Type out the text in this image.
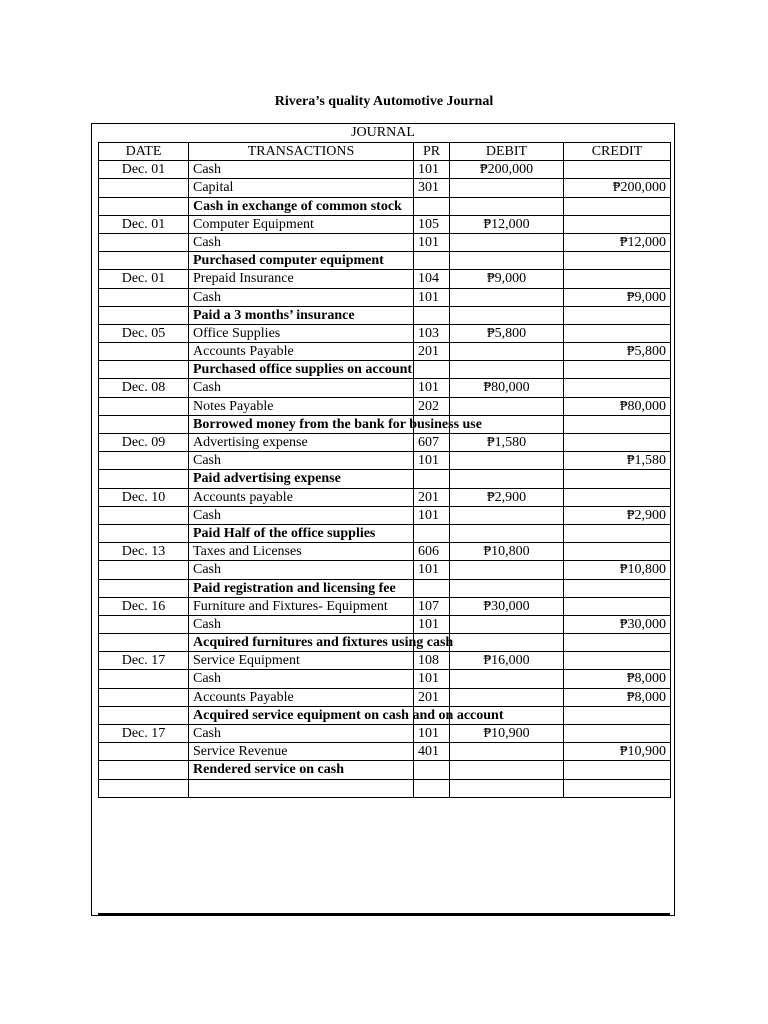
Rivera’s quality Automotive Journal
JOURNAL
DATE	TRANSACTIONS	PR	DEBIT	CREDIT
Dec. 01	Cash	101	₱200,000	
	Capital	301		₱200,000
	Cash in exchange of common stock			
Dec. 01	Computer Equipment	105	₱12,000	
	Cash	101		₱12,000
	Purchased computer equipment			
Dec. 01	Prepaid Insurance	104	₱9,000	
	Cash	101		₱9,000
	Paid a 3 months’ insurance			
Dec. 05	Office Supplies	103	₱5,800	
	Accounts Payable	201		₱5,800
	Purchased office supplies on account			
Dec. 08	Cash	101	₱80,000	
	Notes Payable	202		₱80,000
	Borrowed money from the bank for business use			
Dec. 09	Advertising expense	607	₱1,580	
	Cash	101		₱1,580
	Paid advertising expense			
Dec. 10	Accounts payable	201	₱2,900	
	Cash	101		₱2,900
	Paid Half of the office supplies			
Dec. 13	Taxes and Licenses	606	₱10,800	
	Cash	101		₱10,800
	Paid registration and licensing fee			
Dec. 16	Furniture and Fixtures- Equipment	107	₱30,000	
	Cash	101		₱30,000
	Acquired furnitures and fixtures using cash			
Dec. 17	Service Equipment	108	₱16,000	
	Cash	101		₱8,000
	Accounts Payable	201		₱8,000
	Acquired service equipment on cash and on account			
Dec. 17	Cash	101	₱10,900	
	Service Revenue	401		₱10,900
	Rendered service on cash			
